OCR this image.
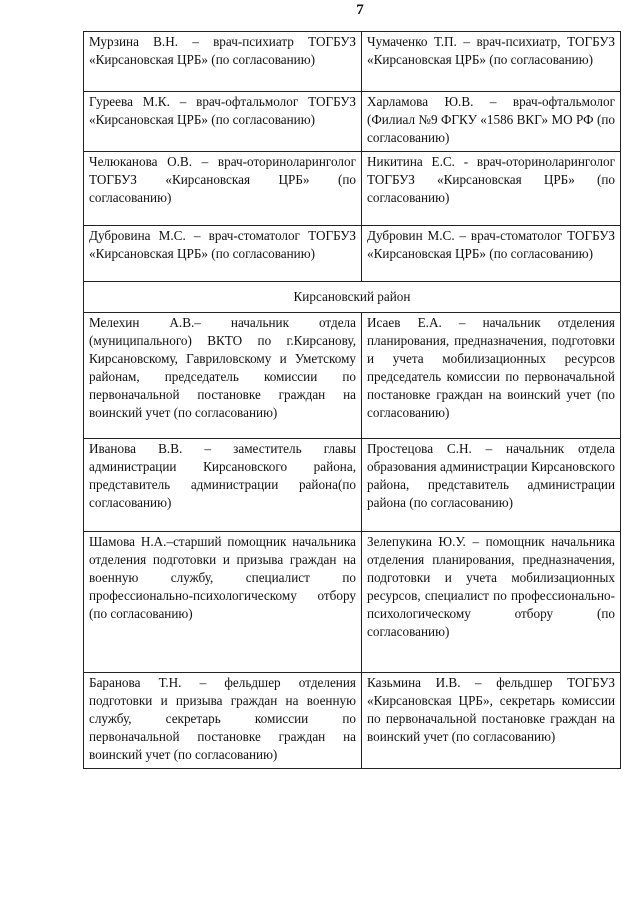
7
Мурзина В.Н. – врач-психиатр ТОГБУЗ «Кирсановская ЦРБ» (по согласованию)	Чумаченко Т.П. – врач-психиатр, ТОГБУЗ «Кирсановская ЦРБ» (по согласованию)
Гуреева М.К. – врач-офтальмолог ТОГБУЗ «Кирсановская ЦРБ» (по согласованию)	Харламова Ю.В. – врач-офтальмолог (Филиал №9 ФГКУ «1586 ВКГ» МО РФ (по согласованию)
Челюканова О.В. – врач-оториноларинголог ТОГБУЗ «Кирсановская ЦРБ» (по согласованию)	Никитина Е.С. - врач-оториноларинголог ТОГБУЗ «Кирсановская ЦРБ» (по согласованию)
Дубровина М.С. – врач-стоматолог ТОГБУЗ «Кирсановская ЦРБ» (по согласованию)	Дубровин М.С. – врач-стоматолог ТОГБУЗ «Кирсановская ЦРБ» (по согласованию)
Кирсановский район	
Мелехин А.В.– начальник отдела (муниципального) ВКТО по г.Кирсанову, Кирсановскому, Гавриловскому и Уметскому районам, председатель комиссии по первоначальной постановке граждан на воинский учет (по согласованию)	Исаев Е.А. – начальник отделения планирования, предназначения, подготовки и учета мобилизационных ресурсов председатель комиссии по первоначальной постановке граждан на воинский учет (по согласованию)
Иванова В.В. – заместитель главы администрации Кирсановского района, представитель администрации района(по согласованию)	Простецова С.Н. – начальник отдела образования администрации Кирсановского района, представитель администрации района (по согласованию)
Шамова Н.А.–старший помощник начальника отделения подготовки и призыва граждан на военную службу, специалист по профессионально-психологическому отбору (по согласованию)	Зелепукина Ю.У. – помощник начальника отделения планирования, предназначения, подготовки и учета мобилизационных ресурсов, специалист по профессионально-психологическому отбору (по согласованию)
Баранова Т.Н. – фельдшер отделения подготовки и призыва граждан на военную службу, секретарь комиссии по первоначальной постановке граждан на воинский учет (по согласованию)	Казьмина И.В. – фельдшер ТОГБУЗ «Кирсановская ЦРБ», секретарь комиссии по первоначальной постановке граждан на воинский учет (по согласованию)
